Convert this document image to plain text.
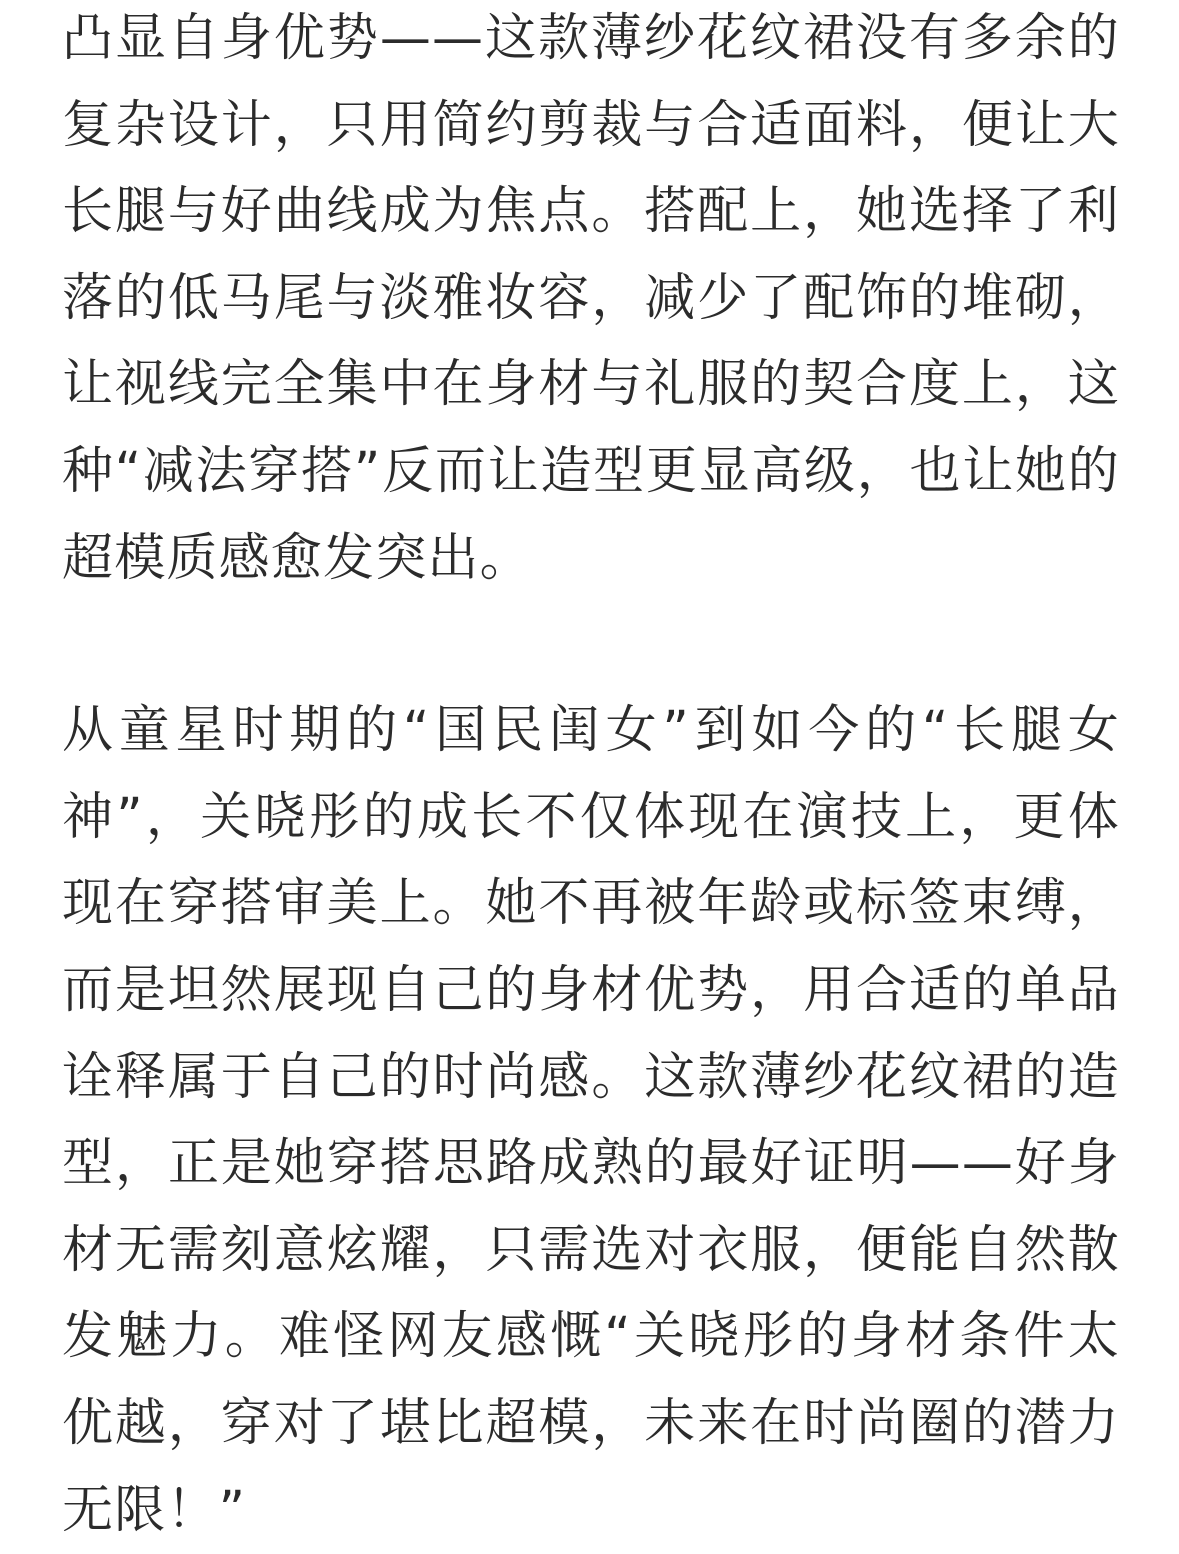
凸显自身优势——这款薄纱花纹裙没有多余的复杂设计，只用简约剪裁与合适面料，便让大长腿与好曲线成为焦点。搭配上，她选择了利落的低马尾与淡雅妆容，减少了配饰的堆砌，让视线完全集中在身材与礼服的契合度上，这种“减法穿搭”反而让造型更显高级，也让她的超模质感愈发突出。

从童星时期的“国民闺女”到如今的“长腿女神”，关晓彤的成长不仅体现在演技上，更体现在穿搭审美上。她不再被年龄或标签束缚，而是坦然展现自己的身材优势，用合适的单品诠释属于自己的时尚感。这款薄纱花纹裙的造型，正是她穿搭思路成熟的最好证明——好身材无需刻意炫耀，只需选对衣服，便能自然散发魅力。难怪网友感慨“关晓彤的身材条件太优越，穿对了堪比超模，未来在时尚圈的潜力无限！”
